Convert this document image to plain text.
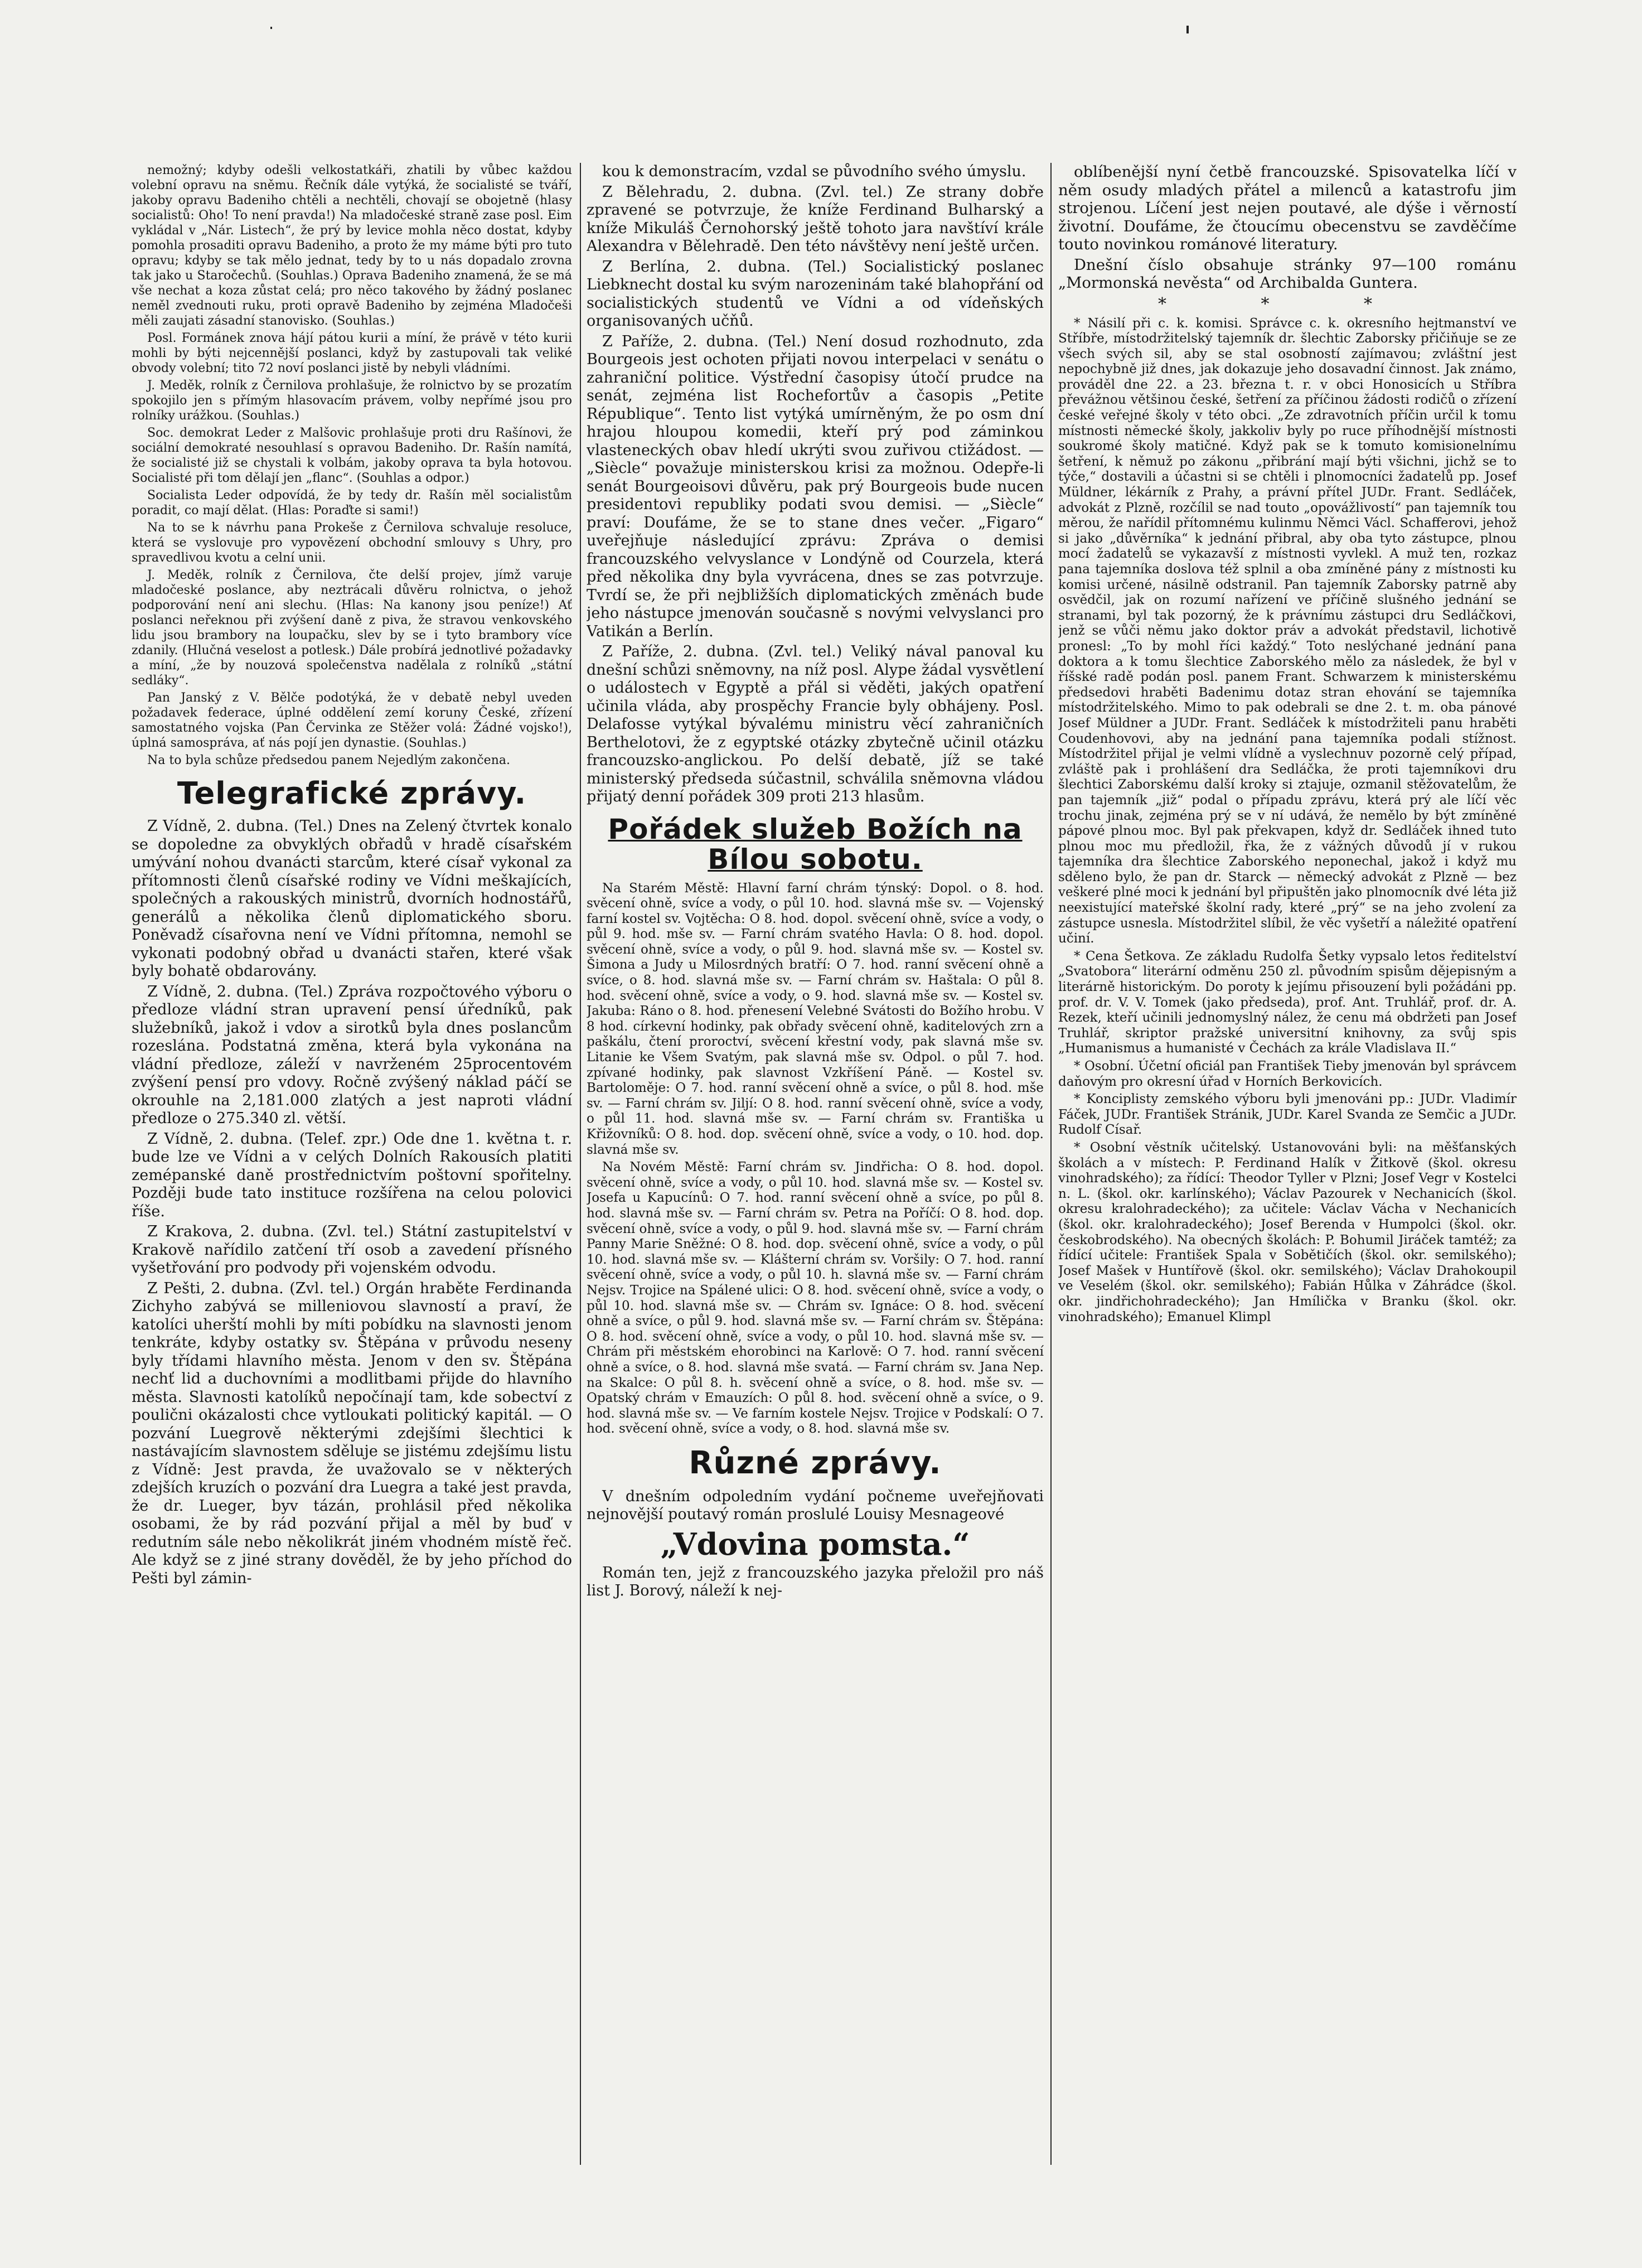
nemožný; kdyby odešli velkostatkáři, zhatili by vůbec každou volební opravu na sněmu. Řečník dále vytýká, že socialisté se tváří, jakoby opravu Badeniho chtěli a nechtěli, chovají se obojetně (hlasy socialistů: Oho! To není pravda!) Na mladočeské straně zase posl. Eim vykládal v „Nár. Listech“, že prý by levice mohla něco dostat, kdyby pomohla prosaditi opravu Badeniho, a proto že my máme býti pro tuto opravu; kdyby se tak mělo jednat, tedy by to u nás dopadalo zrovna tak jako u Staročechů. (Souhlas.) Oprava Badeniho znamená, že se má vše nechat a koza zůstat celá; pro něco takového by žádný poslanec neměl zvednouti ruku, proti opravě Badeniho by zejména Mladočeši měli zaujati zásadní stanovisko. (Souhlas.)

Posl. Formánek znova hájí pátou kurii a míní, že právě v této kurii mohli by býti nejcennější poslanci, když by zastupovali tak veliké obvody volební; tito 72 noví poslanci jistě by nebyli vládními.

J. Meděk, rolník z Černilova prohlašuje, že rolnictvo by se prozatím spokojilo jen s přímým hlasovacím právem, volby nepřímé jsou pro rolníky urážkou. (Souhlas.)

Soc. demokrat Leder z Malšovic prohlašuje proti dru Rašínovi, že sociální demokraté nesouhlasí s opravou Badeniho. Dr. Rašín namítá, že socialisté již se chystali k volbám, jakoby oprava ta byla hotovou. Socialisté při tom dělají jen „flanc“. (Souhlas a odpor.)

Socialista Leder odpovídá, že by tedy dr. Rašín měl socialistům poradit, co mají dělat. (Hlas: Poraďte si sami!)

Na to se k návrhu pana Prokeše z Černilova schvaluje resoluce, která se vyslovuje pro vypovězení obchodní smlouvy s Uhry, pro spravedlivou kvotu a celní unii.

J. Meděk, rolník z Černilova, čte delší projev, jímž varuje mladočeské poslance, aby neztrácali důvěru rolnictva, o jehož podporování není ani slechu. (Hlas: Na kanony jsou peníze!) Ať poslanci neřeknou při zvýšení daně z piva, že stravou venkovského lidu jsou brambory na loupačku, slev by se i tyto brambory více zdanily. (Hlučná veselost a potlesk.) Dále probírá jednotlivé požadavky a míní, „že by nouzová společenstva nadělala z rolníků „státní sedláky“.

Pan Janský z V. Bělče podotýká, že v debatě nebyl uveden požadavek federace, úplné oddělení zemí koruny České, zřízení samostatného vojska (Pan Červinka ze Stěžer volá: Žádné vojsko!), úplná samospráva, ať nás pojí jen dynastie. (Souhlas.)

Na to byla schůze předsedou panem Nejedlým zakončena.

Telegrafické zprávy.

Z Vídně, 2. dubna. (Tel.) Dnes na Zelený čtvrtek konalo se dopoledne za obvyklých obřadů v hradě císařském umývání nohou dvanácti starcům, které císař vykonal za přítomnosti členů císařské rodiny ve Vídni meškajících, společných a rakouských ministrů, dvorních hodnostářů, generálů a několika členů diplomatického sboru. Poněvadž císařovna není ve Vídni přítomna, nemohl se vykonati podobný obřad u dvanácti stařen, které však byly bohatě obdarovány.

Z Vídně, 2. dubna. (Tel.) Zpráva rozpočtového výboru o předloze vládní stran upravení pensí úředníků, pak služebníků, jakož i vdov a sirotků byla dnes poslancům rozeslána. Podstatná změna, která byla vykonána na vládní předloze, záleží v navrženém 25procentovém zvýšení pensí pro vdovy. Ročně zvýšený náklad páčí se okrouhle na 2,181.000 zlatých a jest naproti vládní předloze o 275.340 zl. větší.

Z Vídně, 2. dubna. (Telef. zpr.) Ode dne 1. května t. r. bude lze ve Vídni a v celých Dolních Rakousích platiti zemépanské daně prostřednictvím poštovní spořitelny. Později bude tato instituce rozšířena na celou polovici říše.

Z Krakova, 2. dubna. (Zvl. tel.) Státní zastupitelství v Krakově nařídilo zatčení tří osob a zavedení přísného vyšetřování pro podvody při vojenském odvodu.

Z Pešti, 2. dubna. (Zvl. tel.) Orgán hraběte Ferdinanda Zichyho zabývá se milleniovou slavností a praví, že katolíci uherští mohli by míti pobídku na slavnosti jenom tenkráte, kdyby ostatky sv. Štěpána v průvodu neseny byly třídami hlavního města. Jenom v den sv. Štěpána nechť lid a duchovními a modlitbami přijde do hlavního města. Slavnosti katolíků nepočínají tam, kde sobectví z poulični okázalosti chce vytloukati politický kapitál. — O pozvání Luegrově některými zdejšími šlechtici k nastávajícím slavnostem sděluje se jistému zdejšímu listu z Vídně: Jest pravda, že uvažovalo se v některých zdejších kruzích o pozvání dra Luegra a také jest pravda, že dr. Lueger, byv tázán, prohlásil před několika osobami, že by rád pozvání přijal a měl by buď v redutním sále nebo několikrát jiném vhodném místě řeč. Ale když se z jiné strany dověděl, že by jeho příchod do Pešti byl zámin-

kou k demonstracím, vzdal se původního svého úmyslu.

Z Bělehradu, 2. dubna. (Zvl. tel.) Ze strany dobře zpravené se potvrzuje, že kníže Ferdinand Bulharský a kníže Mikuláš Černohorský ještě tohoto jara navštíví krále Alexandra v Bělehradě. Den této návštěvy není ještě určen.

Z Berlína, 2. dubna. (Tel.) Socialistický poslanec Liebknecht dostal ku svým narozeninám také blahopřání od socialistických studentů ve Vídni a od vídeňských organisovaných učňů.

Z Paříže, 2. dubna. (Tel.) Není dosud rozhodnuto, zda Bourgeois jest ochoten přijati novou interpelaci v senátu o zahraniční politice. Výstřední časopisy útočí prudce na senát, zejména list Rochefortův a časopis „Petite République“. Tento list vytýká umírněným, že po osm dní hrajou hloupou komedii, kteří prý pod záminkou vlasteneckých obav hledí ukrýti svou zuřivou ctižádost. — „Siècle“ považuje ministerskou krisi za možnou. Odepře-li senát Bourgeoisovi důvěru, pak prý Bourgeois bude nucen presidentovi republiky podati svou demisi. — „Siècle“ praví: Doufáme, že se to stane dnes večer. „Figaro“ uveřejňuje následující zprávu: Zpráva o demisi francouzského velvyslance v Londýně od Courzela, která před několika dny byla vyvrácena, dnes se zas potvrzuje. Tvrdí se, že při nejbližších diplomatických změnách bude jeho nástupce jmenován současně s novými velvyslanci pro Vatikán a Berlín.

Z Paříže, 2. dubna. (Zvl. tel.) Veliký nával panoval ku dnešní schůzi sněmovny, na níž posl. Alype žádal vysvětlení o událostech v Egyptě a přál si věděti, jakých opatření učinila vláda, aby prospěchy Francie byly obhájeny. Posl. Delafosse vytýkal bývalému ministru věcí zahraničních Berthelotovi, že z egyptské otázky zbytečně učinil otázku francouzsko-anglickou. Po delší debatě, jíž se také ministerský předseda súčastnil, schválila sněmovna vládou přijatý denní pořádek 309 proti 213 hlasům.

Pořádek služeb Božích na Bílou sobotu.

Na Starém Městě: Hlavní farní chrám týnský: Dopol. o 8. hod. svěcení ohně, svíce a vody, o půl 10. hod. slavná mše sv. — Vojenský farní kostel sv. Vojtěcha: O 8. hod. dopol. svěcení ohně, svíce a vody, o půl 9. hod. mše sv. — Farní chrám svatého Havla: O 8. hod. dopol. svěcení ohně, svíce a vody, o půl 9. hod. slavná mše sv. — Kostel sv. Šimona a Judy u Milosrdných bratří: O 7. hod. ranní svěcení ohně a svíce, o 8. hod. slavná mše sv. — Farní chrám sv. Haštala: O půl 8. hod. svěcení ohně, svíce a vody, o 9. hod. slavná mše sv. — Kostel sv. Jakuba: Ráno o 8. hod. přenesení Velebné Svátosti do Božího hrobu. V 8 hod. církevní hodinky, pak obřady svěcení ohně, kaditelových zrn a paškálu, čtení proroctví, svěcení křestní vody, pak slavná mše sv. Litanie ke Všem Svatým, pak slavná mše sv. Odpol. o půl 7. hod. zpívané hodinky, pak slavnost Vzkříšení Páně. — Kostel sv. Bartoloměje: O 7. hod. ranní svěcení ohně a svíce, o půl 8. hod. mše sv. — Farní chrám sv. Jiljí: O 8. hod. ranní svěcení ohně, svíce a vody, o půl 11. hod. slavná mše sv. — Farní chrám sv. Františka u Křižovníků: O 8. hod. dop. svěcení ohně, svíce a vody, o 10. hod. dop. slavná mše sv.

Na Novém Městě: Farní chrám sv. Jindřicha: O 8. hod. dopol. svěcení ohně, svíce a vody, o půl 10. hod. slavná mše sv. — Kostel sv. Josefa u Kapucínů: O 7. hod. ranní svěcení ohně a svíce, po půl 8. hod. slavná mše sv. — Farní chrám sv. Petra na Poříčí: O 8. hod. dop. svěcení ohně, svíce a vody, o půl 9. hod. slavná mše sv. — Farní chrám Panny Marie Sněžné: O 8. hod. dop. svěcení ohně, svíce a vody, o půl 10. hod. slavná mše sv. — Klášterní chrám sv. Voršily: O 7. hod. ranní svěcení ohně, svíce a vody, o půl 10. h. slavná mše sv. — Farní chrám Nejsv. Trojice na Spálené ulici: O 8. hod. svěcení ohně, svíce a vody, o půl 10. hod. slavná mše sv. — Chrám sv. Ignáce: O 8. hod. svěcení ohně a svíce, o půl 9. hod. slavná mše sv. — Farní chrám sv. Štěpána: O 8. hod. svěcení ohně, svíce a vody, o půl 10. hod. slavná mše sv. — Chrám při městském ehorobinci na Karlově: O 7. hod. ranní svěcení ohně a svíce, o 8. hod. slavná mše svatá. — Farní chrám sv. Jana Nep. na Skalce: O půl 8. h. svěcení ohně a svíce, o 8. hod. mše sv. — Opatský chrám v Emauzích: O půl 8. hod. svěcení ohně a svíce, o 9. hod. slavná mše sv. — Ve farním kostele Nejsv. Trojice v Podskalí: O 7. hod. svěcení ohně, svíce a vody, o 8. hod. slavná mše sv.

Různé zprávy.

V dnešním odpoledním vydání počneme uveřejňovati nejnovější poutavý román proslulé Louisy Mesnageové

„Vdovina pomsta.“

Román ten, jejž z francouzského jazyka přeložil pro náš list J. Borový, náleží k nej-

oblíbenější nyní četbě francouzské. Spisovatelka líčí v něm osudy mladých přátel a milenců a katastrofu jim strojenou. Líčení jest nejen poutavé, ale dýše i věrností životní. Doufáme, že čtoucímu obecenstvu se zavděčíme touto novinkou románové literatury.

Dnešní číslo obsahuje stránky 97—100 románu „Mormonská nevěsta“ od Archibalda Guntera.

* * *

* Násilí při c. k. komisi. Správce c. k. okresního hejtmanství ve Stříbře, místodržitelský tajemník dr. šlechtic Zaborsky přičiňuje se ze všech svých sil, aby se stal osobností zajímavou; zvláštní jest nepochybně již dnes, jak dokazuje jeho dosavadní činnost. Jak známo, prováděl dne 22. a 23. března t. r. v obci Honosicích u Stříbra převážnou většinou české, šetření za příčinou žádosti rodičů o zřízení české veřejné školy v této obci. „Ze zdravotních příčin určil k tomu místnosti německé školy, jakkoliv byly po ruce příhodnější místnosti soukromé školy matičné. Když pak se k tomuto komisionelnímu šetření, k němuž po zákonu „přibrání mají býti všichni, jichž se to týče,“ dostavili a účastni si se chtěli i plnomocníci žadatelů pp. Josef Müldner, lékárník z Prahy, a právní přítel JUDr. Frant. Sedláček, advokát z Plzně, rozčílil se nad touto „opovážlivostí“ pan tajemník tou měrou, že nařídil přítomnému kulinmu Němci Václ. Schafferovi, jehož si jako „důvěrníka“ k jednání přibral, aby oba tyto zástupce, plnou mocí žadatelů se vykazavší z místnosti vyvlekl. A muž ten, rozkaz pana tajemníka doslova též splnil a oba zmíněné pány z místnosti ku komisi určené, násilně odstranil. Pan tajemník Zaborsky patrně aby osvědčil, jak on rozumí nařízení ve příčině slušného jednání se stranami, byl tak pozorný, že k právnímu zástupci dru Sedláčkovi, jenž se vůči němu jako doktor práv a advokát představil, lichotivě pronesl: „To by mohl říci každý.“ Toto neslýchané jednání pana doktora a k tomu šlechtice Zaborského mělo za následek, že byl v říšské radě podán posl. panem Frant. Schwarzem k ministerskému předsedovi hraběti Badenimu dotaz stran ehování se tajemníka místodržitelského. Mimo to pak odebrali se dne 2. t. m. oba pánové Josef Müldner a JUDr. Frant. Sedláček k místodržiteli panu hraběti Coudenhovovi, aby na jednání pana tajemníka podali stížnost. Místodržitel přijal je velmi vlídně a vyslechnuv pozorně celý případ, zvláště pak i prohlášení dra Sedláčka, že proti tajemníkovi dru šlechtici Zaborskému další kroky si ztajuje, ozmanil stěžovatelům, že pan tajemník „již“ podal o případu zprávu, která prý ale líčí věc trochu jinak, zejména prý se v ní udává, že nemělo by být zmíněné pápové plnou moc. Byl pak překvapen, když dr. Sedláček ihned tuto plnou moc mu předložil, řka, že z vážných důvodů jí v rukou tajemníka dra šlechtice Zaborského neponechal, jakož i když mu sděleno bylo, že pan dr. Starck — německý advokát z Plzně — bez veškeré plné moci k jednání byl připuštěn jako plnomocník dvé léta již neexistující mateřské školní rady, které „prý“ se na jeho zvolení za zástupce usnesla. Místodržitel slíbil, že věc vyšetří a náležité opatření učiní.

* Cena Šetkova. Ze základu Rudolfa Šetky vypsalo letos ředitelství „Svatobora“ literární odměnu 250 zl. původním spisům dějepisným a literárně historickým. Do poroty k jejímu přisouzení byli požádáni pp. prof. dr. V. V. Tomek (jako předseda), prof. Ant. Truhlář, prof. dr. A. Rezek, kteří učinili jednomyslný nález, že cenu má obdržeti pan Josef Truhlář, skriptor pražské universitní knihovny, za svůj spis „Humanismus a humanisté v Čechách za krále Vladislava II.“

* Osobní. Účetní oficiál pan František Tieby jmenován byl správcem daňovým pro okresní úřad v Horních Berkovicích.

* Konciplisty zemského výboru byli jmenováni pp.: JUDr. Vladimír Fáček, JUDr. František Stránik, JUDr. Karel Svanda ze Semčic a JUDr. Rudolf Císař.

* Osobní věstník učitelský. Ustanovováni byli: na měšťanských školách a v místech: P. Ferdinand Halík v Žitkově (škol. okresu vinohradského); za řídící: Theodor Tyller v Plzni; Josef Vegr v Kostelci n. L. (škol. okr. karlínského); Václav Pazourek v Nechanicích (škol. okresu kralohradeckého); za učitele: Václav Vácha v Nechanicích (škol. okr. kralohradeckého); Josef Berenda v Humpolci (škol. okr. českobrodského). Na obecných školách: P. Bohumil Jiráček tamtéž; za řídící učitele: František Spala v Sobětičích (škol. okr. semilského); Josef Mašek v Huntířově (škol. okr. semilského); Václav Drahokoupil ve Veselém (škol. okr. semilského); Fabián Hůlka v Záhrádce (škol. okr. jindřichohradeckého); Jan Hmílička v Branku (škol. okr. vinohradského); Emanuel Klimpl
